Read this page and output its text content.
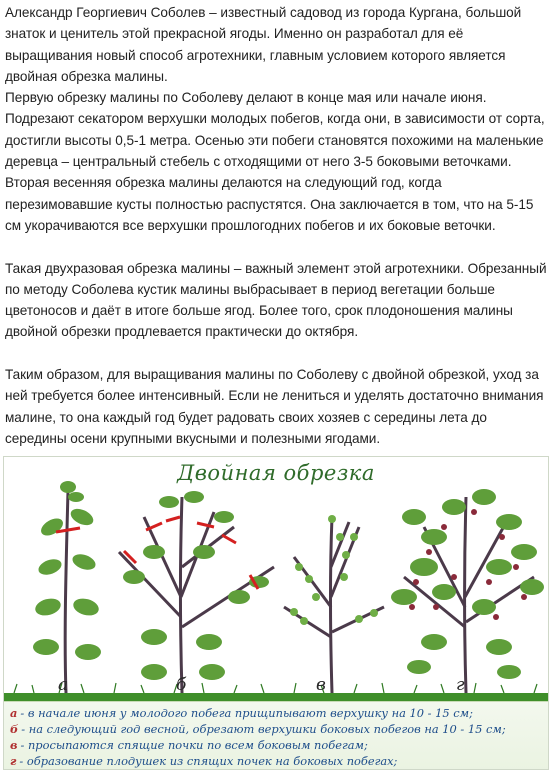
Александр Георгиевич Соболев – известный садовод из города Кургана, большой знаток и ценитель этой прекрасной ягоды. Именно он разработал для её выращивания новый способ агротехники, главным условием которого является двойная обрезка малины.

Первую обрезку малины по Соболеву делают в конце мая или начале июня. Подрезают секатором верхушки молодых побегов, когда они, в зависимости от сорта, достигли высоты 0,5-1 метра. Осенью эти побеги становятся похожими на маленькие деревца – центральный стебель с отходящими от него 3-5 боковыми веточками. Вторая весенняя обрезка малины делаются на следующий год, когда перезимовавшие кусты полностью распустятся. Она заключается в том, что на 5-15 см укорачиваются все верхушки прошлогодних побегов и их боковые веточки.

Такая двухразовая обрезка малины – важный элемент этой агротехники. Обрезанный по методу Соболева кустик малины выбрасывает в период вегетации больше цветоносов и даёт в итоге больше ягод. Более того, срок плодоношения малины двойной обрезки продлевается практически до октября.

Таким образом, для выращивания малины по Соболеву с двойной обрезкой, уход за ней требуется более интенсивный. Если не лениться и уделять достаточно внимания малине, то она каждый год будет радовать своих хозяев с середины лета до середины осени крупными вкусными и полезными ягодами.

Двойная обрезка
а	б	в	г
а - в начале июня у молодого побега прищипывают верхушку на 10 - 15 см;
б - на следующий год весной, обрезают верхушки боковых побегов на 10 - 15 см;
в - просыпаются спящие почки по всем боковым побегам;
г - образование плодушек из спящих почек на боковых побегах;
